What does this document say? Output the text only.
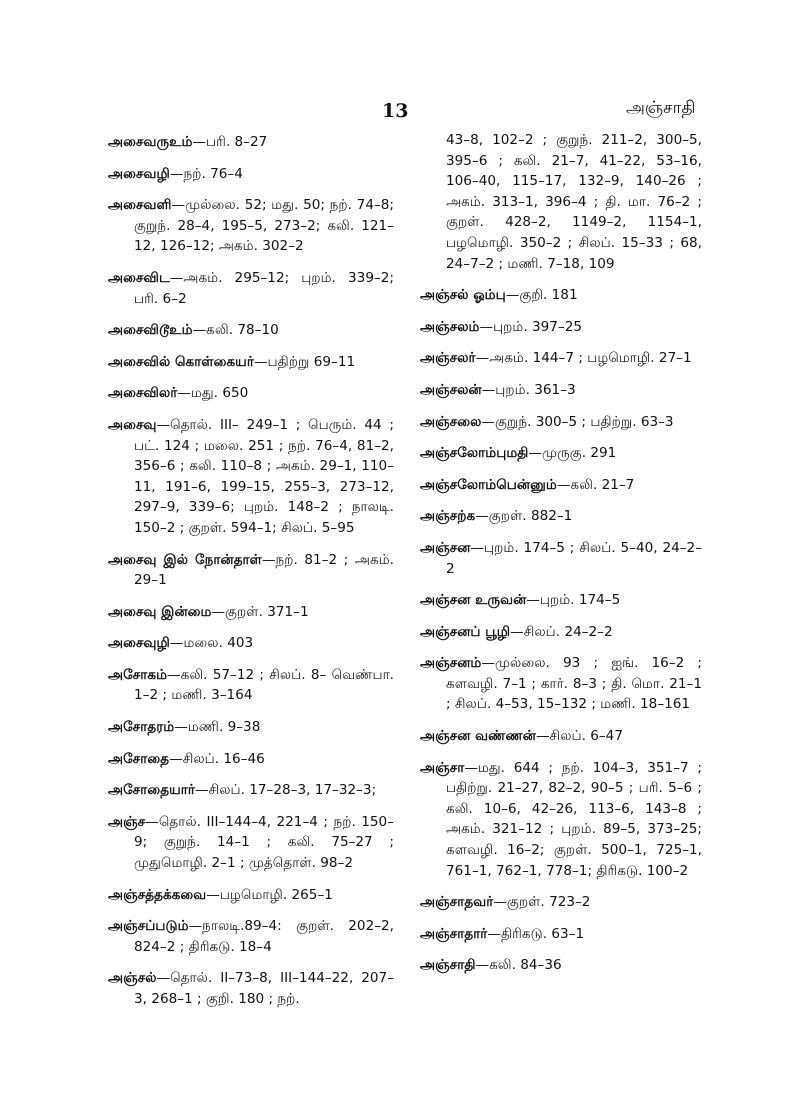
13	அஞ்சாதி
அசைவருஉம்—பரி. 8–27
அசைவழி—நற். 76–4
அசைவளி—முல்லை. 52; மது. 50; நற். 74–8; குறுந். 28–4, 195–5, 273–2; கலி. 121–12, 126–12; அகம். 302–2
அசைவிட—அகம். 295–12; புறம். 339–2; பரி. 6–2
அசைவிடூஉம்—கலி. 78–10
அசைவில் கொள்கையர்—பதிற்று 69–11
அசைவிலர்—மது. 650
அசைவு—தொல். III– 249–1 ; பெரும். 44 ; பட். 124 ; மலை. 251 ; நற். 76–4, 81–2, 356–6 ; கலி. 110–8 ; அகம். 29–1, 110–11, 191–6, 199–15, 255–3, 273–12, 297–9, 339–6; புறம். 148–2 ; நாலடி. 150–2 ; குறள். 594–1; சிலப். 5–95
அசைவு இல் நோன்தாள்—நற். 81–2 ; அகம். 29–1
அசைவு இன்மை—குறள். 371–1
அசைவுழி—மலை. 403
அசோகம்—கலி. 57–12 ; சிலப். 8– வெண்பா. 1–2 ; மணி. 3–164
அசோதரம்—மணி. 9–38
அசோதை—சிலப். 16–46
அசோதையார்—சிலப். 17–28–3, 17–32–3;
அஞ்ச—தொல். III–144–4, 221–4 ; நற். 150–9; குறுந். 14–1 ; கலி. 75–27 ; முதுமொழி. 2–1 ; முத்தொள். 98–2
அஞ்சத்தக்கவை—பழமொழி. 265–1
அஞ்சப்படும்—நாலடி.89–4: குறள். 202–2, 824–2 ; திரிகடு. 18–4
அஞ்சல்—தொல். II–73–8, III–144–22, 207–3, 268–1 ; குறி. 180 ; நற்.
43–8, 102–2 ; குறுந். 211–2, 300–5, 395–6 ; கலி. 21–7, 41–22, 53–16, 106–40, 115–17, 132–9, 140–26 ; அகம். 313–1, 396–4 ; தி. மா. 76–2 ; குறள். 428–2, 1149–2, 1154–1, பழமொழி. 350–2 ; சிலப். 15–33 ; 68, 24–7–2 ; மணி. 7–18, 109
அஞ்சல் ஓம்பு—குறி. 181
அஞ்சலம்—புறம். 397–25
அஞ்சலர்—அகம். 144–7 ; பழமொழி. 27–1
அஞ்சலன்—புறம். 361–3
அஞ்சலை—குறுந். 300–5 ; பதிற்று. 63–3
அஞ்சலோம்புமதி—முருகு. 291
அஞ்சலோம்பென்னும்—கலி. 21–7
அஞ்சற்க—குறள். 882–1
அஞ்சன—புறம். 174–5 ; சிலப். 5–40, 24–2–2
அஞ்சன உருவன்—புறம். 174–5
அஞ்சனப் பூழி—சிலப். 24–2–2
அஞ்சனம்—முல்லை. 93 ; ஐங். 16–2 ; களவழி. 7–1 ; கார். 8–3 ; தி. மொ. 21–1 ; சிலப். 4–53, 15–132 ; மணி. 18–161
அஞ்சன வண்ணன்—சிலப். 6–47
அஞ்சா—மது. 644 ; நற். 104–3, 351–7 ; பதிற்று. 21–27, 82–2, 90–5 ; பரி. 5–6 ; கலி. 10–6, 42–26, 113–6, 143–8 ; அகம். 321–12 ; புறம். 89–5, 373–25; களவழி. 16–2; குறள். 500–1, 725–1, 761–1, 762–1, 778–1; திரிகடு. 100–2
அஞ்சாதவர்—குறள். 723–2
அஞ்சாதார்—திரிகடு. 63–1
அஞ்சாதி—கலி. 84–36
